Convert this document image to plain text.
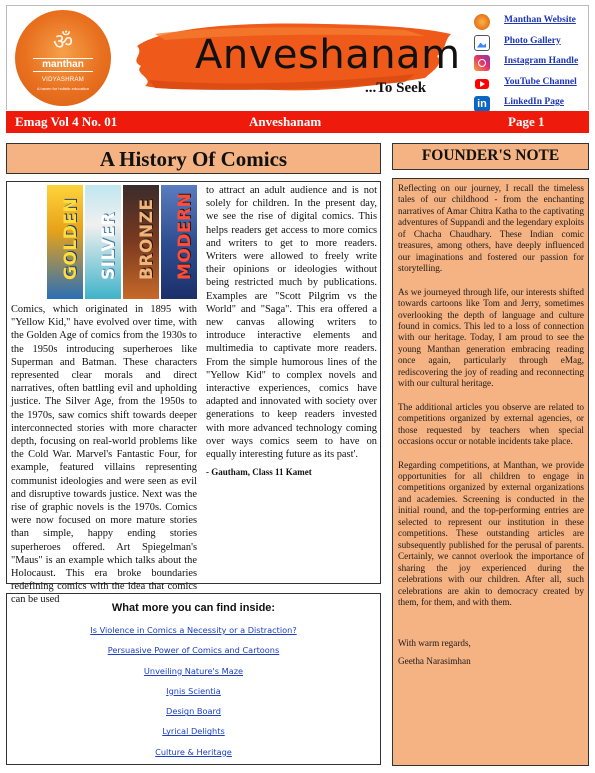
ॐ
manthan
VIDYASHRAM
A haven for holistic education
Anveshanam
...To Seek
Manthan Website
Photo Gallery
Instagram Handle
YouTube Channel
in	LinkedIn Page
Emag Vol 4 No. 01	Anveshanam	Page 1
A History Of Comics
GOLDEN SILVER BRONZE MODERN
Comics, which originated in 1895 with "Yellow Kid," have evolved over time, with the Golden Age of comics from the 1930s to the 1950s introducing superheroes like Superman and Batman. These characters represented clear morals and direct narratives, often battling evil and upholding justice. The Silver Age, from the 1950s to the 1970s, saw comics shift towards deeper interconnected stories with more character depth, focusing on real-world problems like the Cold War. Marvel's Fantastic Four, for example, featured villains representing communist ideologies and were seen as evil and disruptive towards justice. Next was the rise of graphic novels is the 1970s. Comics were now focused on more mature stories than simple, happy ending stories superheroes offered. Art Spiegelman's "Maus" is an example which talks about the Holocaust. This era broke boundaries redefining comics with the idea that comics can be used
to attract an adult audience and is not solely for children. In the present day, we see the rise of digital comics. This helps readers get access to more comics and writers to get to more readers. Writers were allowed to freely write their opinions or ideologies without being restricted much by publications. Examples are "Scott Pilgrim vs the World" and "Saga". This era offered a new canvas allowing writers to introduce interactive elements and multimedia to captivate more readers. From the simple humorous lines of the "Yellow Kid" to complex novels and interactive experiences, comics have adapted and innovated with society over generations to keep readers invested with more advanced technology coming over ways comics seem to have on equally interesting future as its past'.
- Gautham, Class 11 Kamet
What more you can find inside:
Is Violence in Comics a Necessity or a Distraction?
Persuasive Power of Comics and Cartoons
Unveiling Nature's Maze
Ignis Scientia
Design Board
Lyrical Delights
Culture & Heritage
FOUNDER'S NOTE

Reflecting on our journey, I recall the timeless tales of our childhood - from the enchanting narratives of Amar Chitra Katha to the captivating adventures of Suppandi and the legendary exploits of Chacha Chaudhary. These Indian comic treasures, among others, have deeply influenced our imaginations and fostered our passion for storytelling.

As we journeyed through life, our interests shifted towards cartoons like Tom and Jerry, sometimes overlooking the depth of language and culture found in comics. This led to a loss of connection with our heritage. Today, I am proud to see the young Manthan generation embracing reading once again, particularly through eMag, rediscovering the joy of reading and reconnecting with our cultural heritage.

The additional articles you observe are related to competitions organized by external agencies, or those requested by teachers when special occasions occur or notable incidents take place.

Regarding competitions, at Manthan, we provide opportunities for all children to engage in competitions organized by external organizations and academies. Screening is conducted in the initial round, and the top-performing entries are selected to represent our institution in these competitions. These outstanding articles are subsequently published for the perusal of parents. Certainly, we cannot overlook the importance of sharing the joy experienced during the celebrations with our children. After all, such celebrations are akin to democracy created by them, for them, and with them.

With warm regards,

Geetha Narasimhan
